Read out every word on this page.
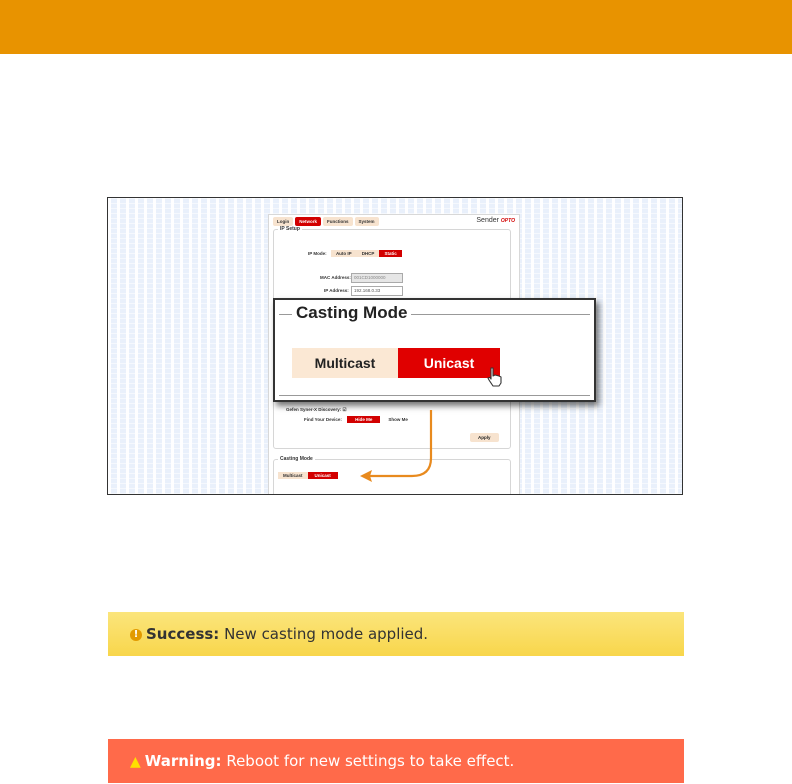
Login	Network	Functions	System	Sender OPTO
IP Setup
IP Mode: Auto IP DHCP Static
MAC Address: 001CD1000000
IP Address:	192.168.0.33
Gefen Syner-X Discovery: ☑
Find Your Device:	Hide Me	Show Me
Apply
Casting Mode
Multicast	Unicast
Casting Mode
Multicast	Unicast
! Success: New casting mode applied.
▲ Warning: Reboot for new settings to take effect.
